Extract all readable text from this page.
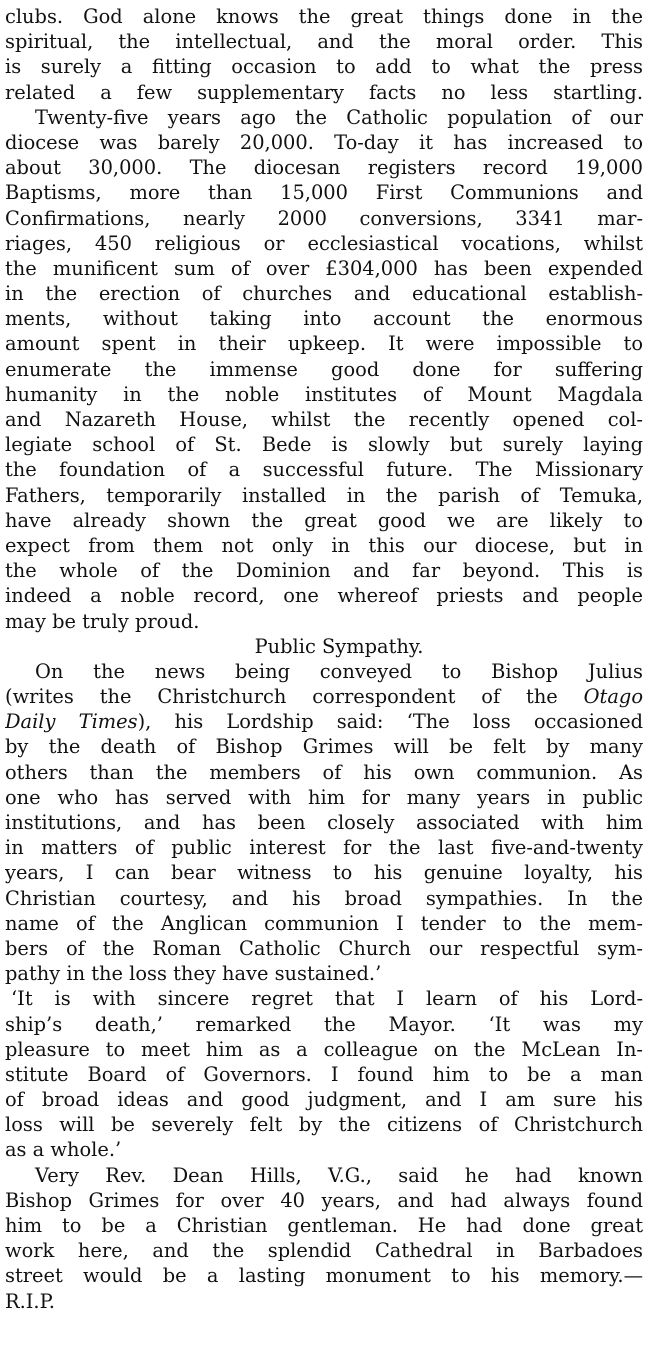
clubs. God alone knows the great things done in the
spiritual, the intellectual, and the moral order. This
is surely a fitting occasion to add to what the press
related a few supplementary facts no less startling.
Twenty-five years ago the Catholic population of our
diocese was barely 20,000. To-day it has increased to
about 30,000. The diocesan registers record 19,000
Baptisms, more than 15,000 First Communions and
Confirmations, nearly 2000 conversions, 3341 mar-
riages, 450 religious or ecclesiastical vocations, whilst
the munificent sum of over £304,000 has been expended
in the erection of churches and educational establish-
ments, without taking into account the enormous
amount spent in their upkeep. It were impossible to
enumerate the immense good done for suffering
humanity in the noble institutes of Mount Magdala
and Nazareth House, whilst the recently opened col-
legiate school of St. Bede is slowly but surely laying
the foundation of a successful future. The Missionary
Fathers, temporarily installed in the parish of Temuka,
have already shown the great good we are likely to
expect from them not only in this our diocese, but in
the whole of the Dominion and far beyond. This is
indeed a noble record, one whereof priests and people
may be truly proud.
Public Sympathy.
On the news being conveyed to Bishop Julius
(writes the Christchurch correspondent of the Otago
Daily Times), his Lordship said: ‘The loss occasioned
by the death of Bishop Grimes will be felt by many
others than the members of his own communion. As
one who has served with him for many years in public
institutions, and has been closely associated with him
in matters of public interest for the last five-and-twenty
years, I can bear witness to his genuine loyalty, his
Christian courtesy, and his broad sympathies. In the
name of the Anglican communion I tender to the mem-
bers of the Roman Catholic Church our respectful sym-
pathy in the loss they have sustained.’
‘It is with sincere regret that I learn of his Lord-
ship’s death,’ remarked the Mayor. ‘It was my
pleasure to meet him as a colleague on the McLean In-
stitute Board of Governors. I found him to be a man
of broad ideas and good judgment, and I am sure his
loss will be severely felt by the citizens of Christchurch
as a whole.’
Very Rev. Dean Hills, V.G., said he had known
Bishop Grimes for over 40 years, and had always found
him to be a Christian gentleman. He had done great
work here, and the splendid Cathedral in Barbadoes
street would be a lasting monument to his memory.—
R.I.P.
